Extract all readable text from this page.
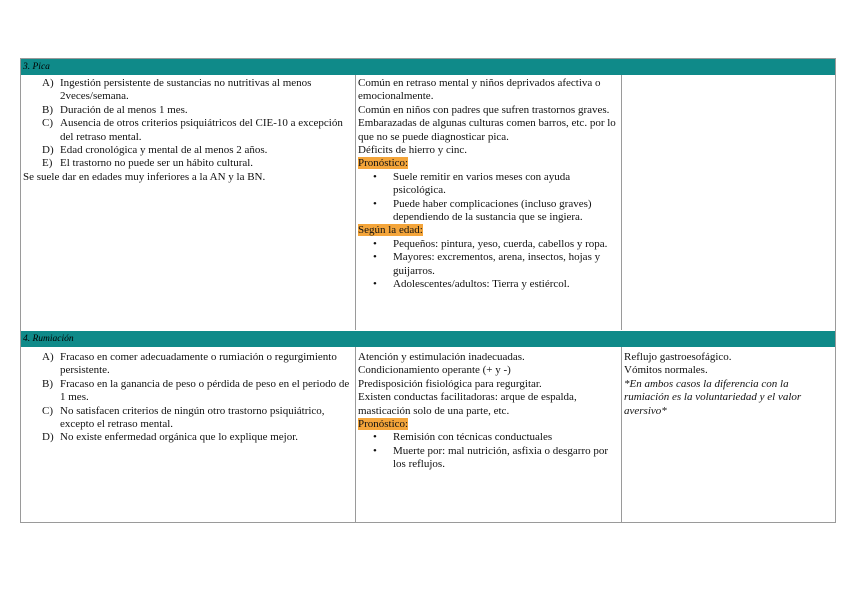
3. Pica
A) Ingestión persistente de sustancias no nutritivas al menos 2veces/semana.
B) Duración de al menos 1 mes.
C) Ausencia de otros criterios psiquiátricos del CIE-10 a excepción del retraso mental.
D) Edad cronológica y mental de al menos 2 años.
E) El trastorno no puede ser un hábito cultural.
Se suele dar en edades muy inferiores a la AN y la BN.
Común en retraso mental y niños deprivados afectiva o emocionalmente.
Común en niños con padres que sufren trastornos graves.
Embarazadas de algunas culturas comen barros, etc. por lo que no se puede diagnosticar pica.
Déficits de hierro y cinc.
Pronóstico:
• Suele remitir en varios meses con ayuda psicológica.
• Puede haber complicaciones (incluso graves) dependiendo de la sustancia que se ingiera.
Según la edad:
• Pequeños: pintura, yeso, cuerda, cabellos y ropa.
• Mayores: excrementos, arena, insectos, hojas y guijarros.
• Adolescentes/adultos: Tierra y estiércol.
4. Rumiación
A) Fracaso en comer adecuadamente o rumiación o regurgimiento persistente.
B) Fracaso en la ganancia de peso o pérdida de peso en el periodo de 1 mes.
C) No satisfacen criterios de ningún otro trastorno psiquiátrico, excepto el retraso mental.
D) No existe enfermedad orgánica que lo explique mejor.
Atención y estimulación inadecuadas.
Condicionamiento operante (+ y -)
Predisposición fisiológica para regurgitar.
Existen conductas facilitadoras: arque de espalda, masticación solo de una parte, etc.
Pronóstico:
• Remisión con técnicas conductuales
• Muerte por: mal nutrición, asfixia o desgarro por los reflujos.
Reflujo gastroesofágico.
Vómitos normales.
*En ambos casos la diferencia con la rumiación es la voluntariedad y el valor aversivo*
